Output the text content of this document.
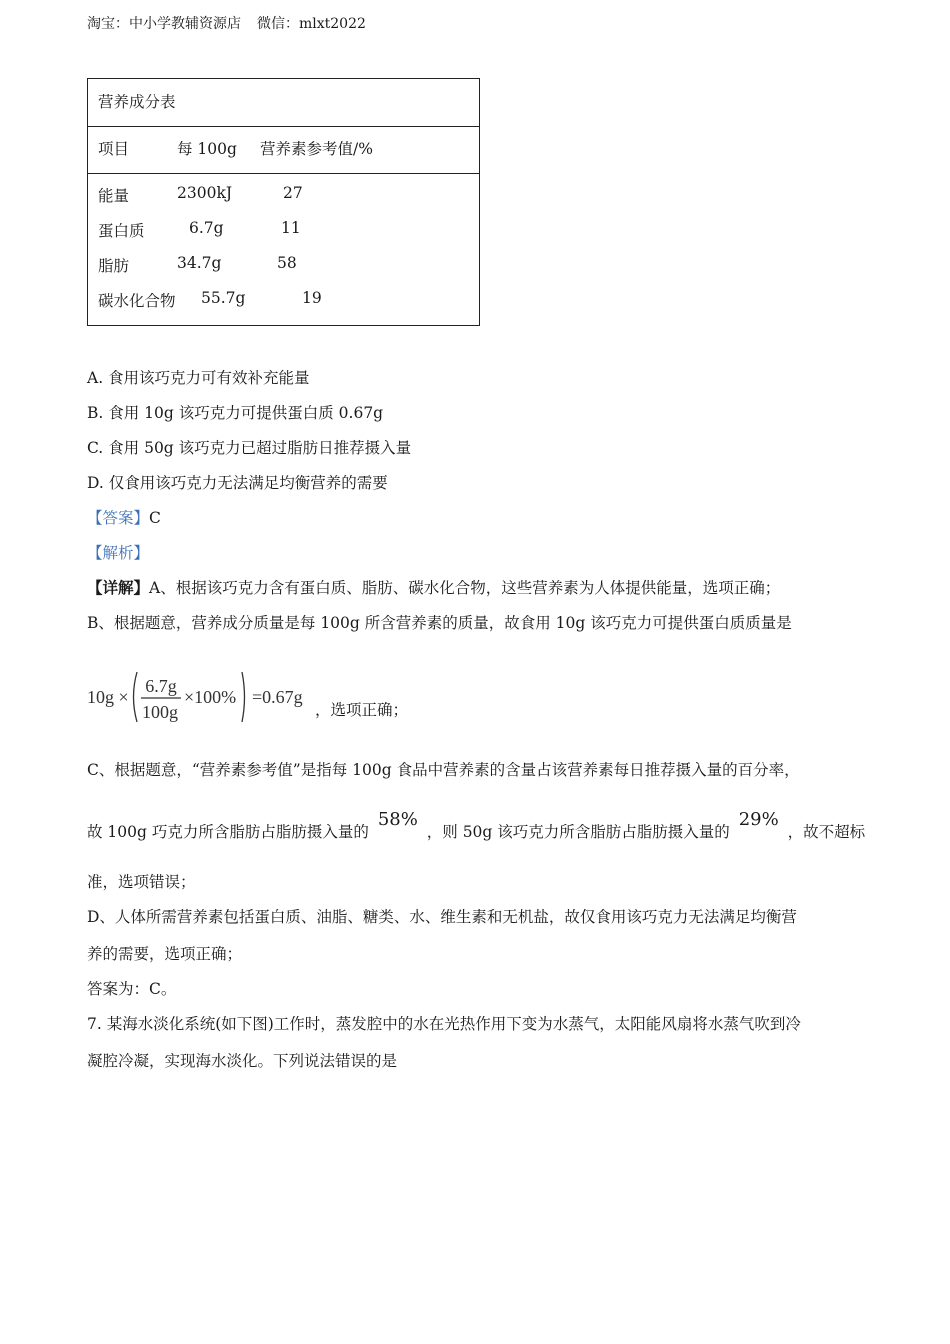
淘宝：中小学教辅资源店 微信：mlxt2022
营养成分表
项目	每 100g 营养素参考值/%
能量	2300kJ	27
蛋白质	6.7g	11
脂肪	34.7g	58
碳水化合物 55.7g	19
A. 食用该巧克力可有效补充能量
B. 食用 10g 该巧克力可提供蛋白质 0.67g
C. 食用 50g 该巧克力已超过脂肪日推荐摄入量
D. 仅食用该巧克力无法满足均衡营养的需要
【答案】C
【解析】
【详解】A、根据该巧克力含有蛋白质、脂肪、碳水化合物，这些营养素为人体提供能量，选项正确；
B、根据题意，营养成分质量是每 100g 所含营养素的质量，故食用 10g 该巧克力可提供蛋白质质量是
10g ×
6.7g
100g
×100% =0.67g
，选项正确；
C、根据题意，“营养素参考值”是指每 100g 食品中营养素的含量占该营养素每日推荐摄入量的百分率，
故 100g 巧克力所含脂肪占脂肪摄入量的 58% ，则 50g 该巧克力所含脂肪占脂肪摄入量的 29% ，故不超标
准，选项错误；
D、人体所需营养素包括蛋白质、油脂、糖类、水、维生素和无机盐，故仅食用该巧克力无法满足均衡营
养的需要，选项正确；
答案为：C。
7. 某海水淡化系统(如下图)工作时，蒸发腔中的水在光热作用下变为水蒸气，太阳能风扇将水蒸气吹到冷
凝腔冷凝，实现海水淡化。下列说法错误的是
